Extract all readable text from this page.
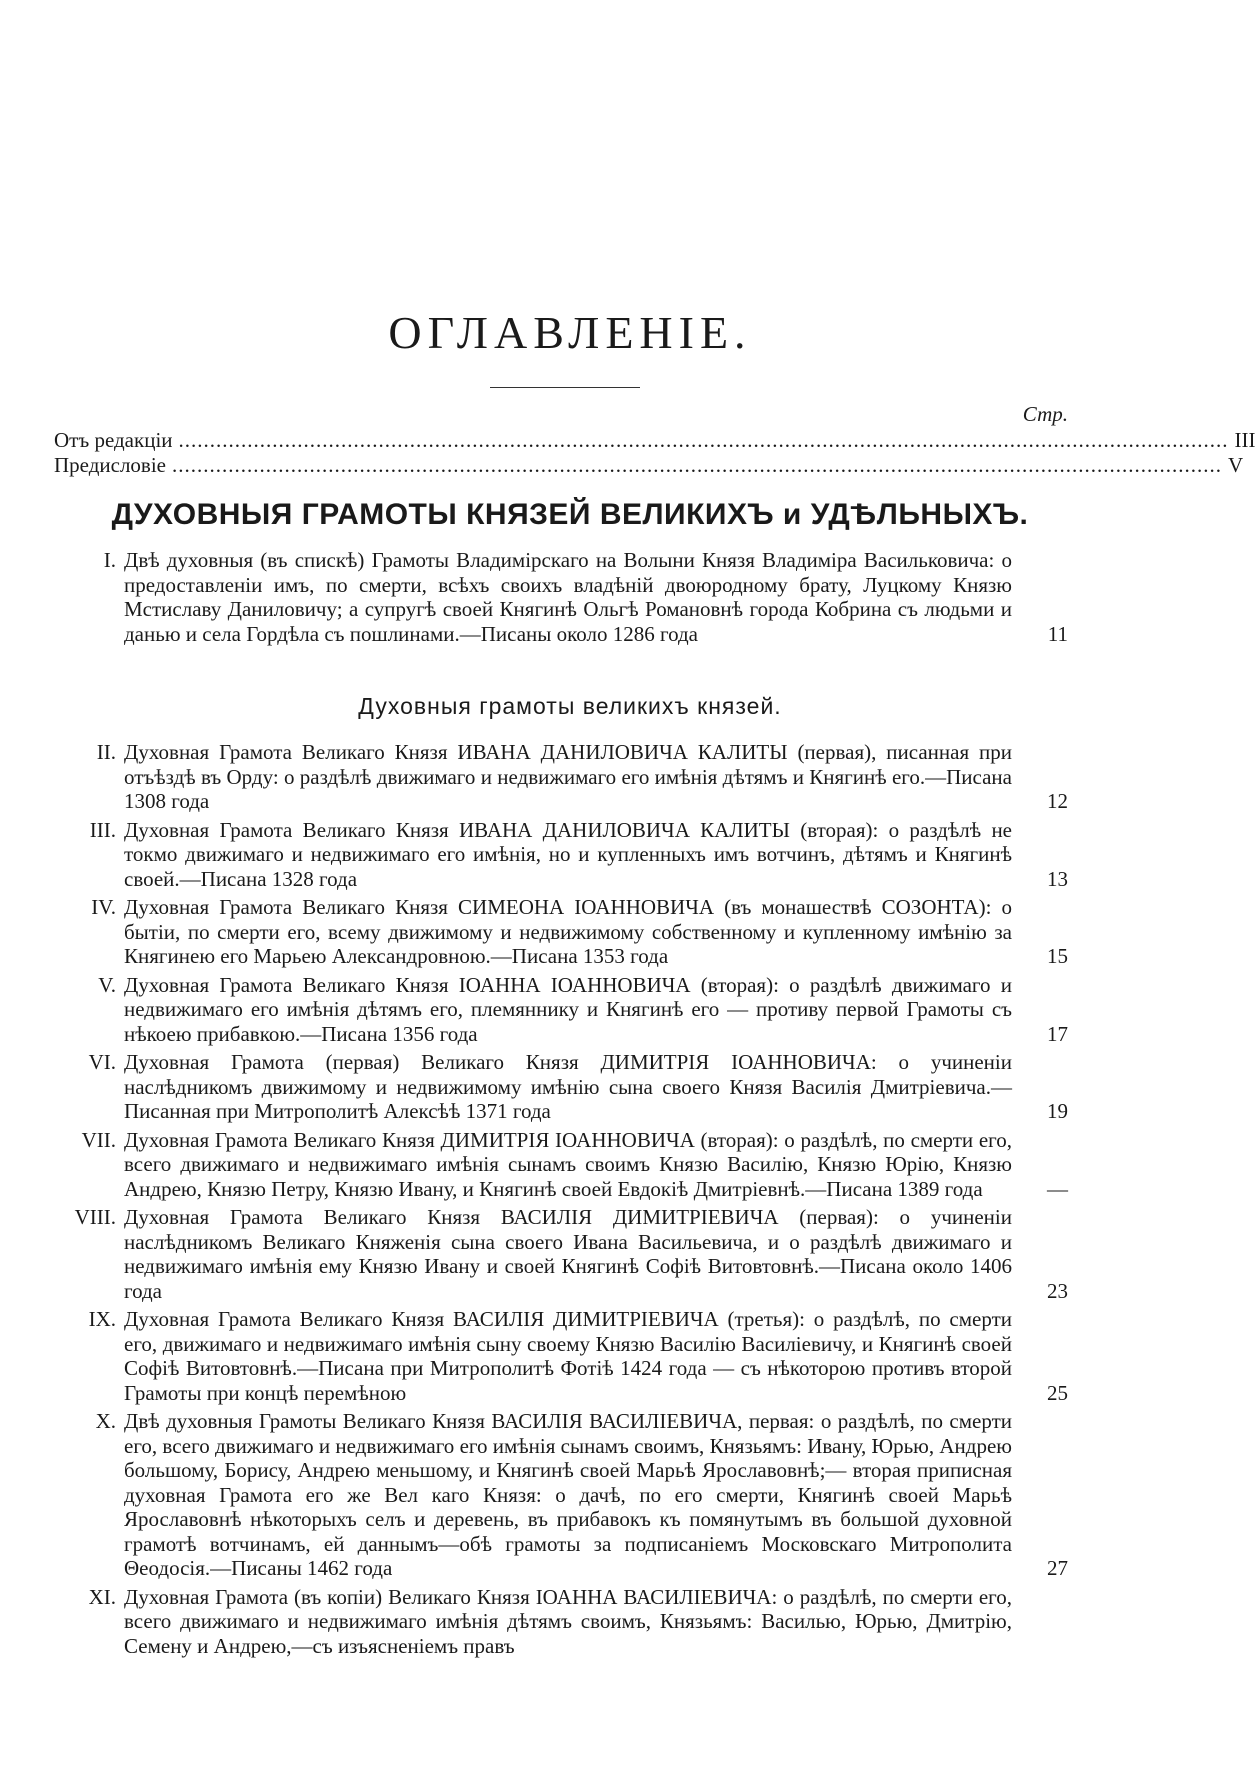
ОГЛАВЛЕНІЕ.
Стр.
Отъ редакціи ........................................................................................................................................................................ III
Предисловіе ........................................................................................................................................................................ V
ДУХОВНЫЯ ГРАМОТЫ КНЯЗЕЙ ВЕЛИКИХЪ и УДѢЛЬНЫХЪ.
I. Двѣ духовныя (въ спискѣ) Грамоты Владимірскаго на Волыни Князя Владиміра Васильковича: о предоставленіи имъ, по смерти, всѣхъ своихъ владѣній двоюродному брату, Луцкому Князю Мстиславу Даниловичу; а супругѣ своей Княгинѣ Ольгѣ Романовнѣ города Кобрина съ людьми и данью и села Гордѣла съ пошлинами.—Писаны около 1286 года	11
Духовныя грамоты великихъ князей.
II. Духовная Грамота Великаго Князя ИВАНА ДАНИЛОВИЧА КАЛИТЫ (первая), писанная при отъѣздѣ въ Орду: о раздѣлѣ движимаго и недвижимаго его имѣнія дѣтямъ и Княгинѣ его.—Писана 1308 года	12
III. Духовная Грамота Великаго Князя ИВАНА ДАНИЛОВИЧА КАЛИТЫ (вторая): о раздѣлѣ не токмо движимаго и недвижимаго его имѣнія, но и купленныхъ имъ вотчинъ, дѣтямъ и Княгинѣ своей.—Писана 1328 года	13
IV. Духовная Грамота Великаго Князя СИМЕОНА ІОАННОВИЧА (въ монашествѣ СОЗОНТА): о бытіи, по смерти его, всему движимому и недвижимому собственному и купленному имѣнію за Княгинею его Марьею Александровною.—Писана 1353 года	15
V. Духовная Грамота Великаго Князя ІОАННА ІОАННОВИЧА (вторая): о раздѣлѣ движимаго и недвижимаго его имѣнія дѣтямъ его, племяннику и Княгинѣ его — противу первой Грамоты съ нѣкоею прибавкою.—Писана 1356 года	17
VI. Духовная Грамота (первая) Великаго Князя ДИМИТРІЯ ІОАННОВИЧА: о учиненіи наслѣдникомъ движимому и недвижимому имѣнію сына своего Князя Василія Дмитріевича.—Писанная при Митрополитѣ Алексѣѣ 1371 года	19
VII. Духовная Грамота Великаго Князя ДИМИТРІЯ ІОАННОВИЧА (вторая): о раздѣлѣ, по смерти его, всего движимаго и недвижимаго имѣнія сынамъ своимъ Князю Василію, Князю Юрію, Князю Андрею, Князю Петру, Князю Ивану, и Княгинѣ своей Евдокіѣ Дмитріевнѣ.—Писана 1389 года	—
VIII. Духовная Грамота Великаго Князя ВАСИЛІЯ ДИМИТРІЕВИЧА (первая): о учиненіи наслѣдникомъ Великаго Княженія сына своего Ивана Васильевича, и о раздѣлѣ движимаго и недвижимаго имѣнія ему Князю Ивану и своей Княгинѣ Софіѣ Витовтовнѣ.—Писана около 1406 года	23
IX. Духовная Грамота Великаго Князя ВАСИЛІЯ ДИМИТРІЕВИЧА (третья): о раздѣлѣ, по смерти его, движимаго и недвижимаго имѣнія сыну своему Князю Василію Василіевичу, и Княгинѣ своей Софіѣ Витовтовнѣ.—Писана при Митрополитѣ Фотіѣ 1424 года — съ нѣкоторою противъ второй Грамоты при концѣ перемѣною	25
X. Двѣ духовныя Грамоты Великаго Князя ВАСИЛІЯ ВАСИЛІЕВИЧА, первая: о раздѣлѣ, по смерти его, всего движимаго и недвижимаго его имѣнія сынамъ своимъ, Князьямъ: Ивану, Юрью, Андрею большому, Борису, Андрею меньшому, и Княгинѣ своей Марьѣ Ярославовнѣ;— вторая приписная духовная Грамота его же Вел каго Князя: о дачѣ, по его смерти, Княгинѣ своей Марьѣ Ярославовнѣ нѣкоторыхъ селъ и деревень, въ прибавокъ къ помянутымъ въ большой духовной грамотѣ вотчинамъ, ей даннымъ—обѣ грамоты за подписаніемъ Московскаго Митрополита Θеодосія.—Писаны 1462 года	27
XI. Духовная Грамота (въ копіи) Великаго Князя ІОАННА ВАСИЛІЕВИЧА: о раздѣлѣ, по смерти его, всего движимаго и недвижимаго имѣнія дѣтямъ своимъ, Князьямъ: Василью, Юрью, Дмитрію, Семену и Андрею,—съ изъясненіемъ правъ
